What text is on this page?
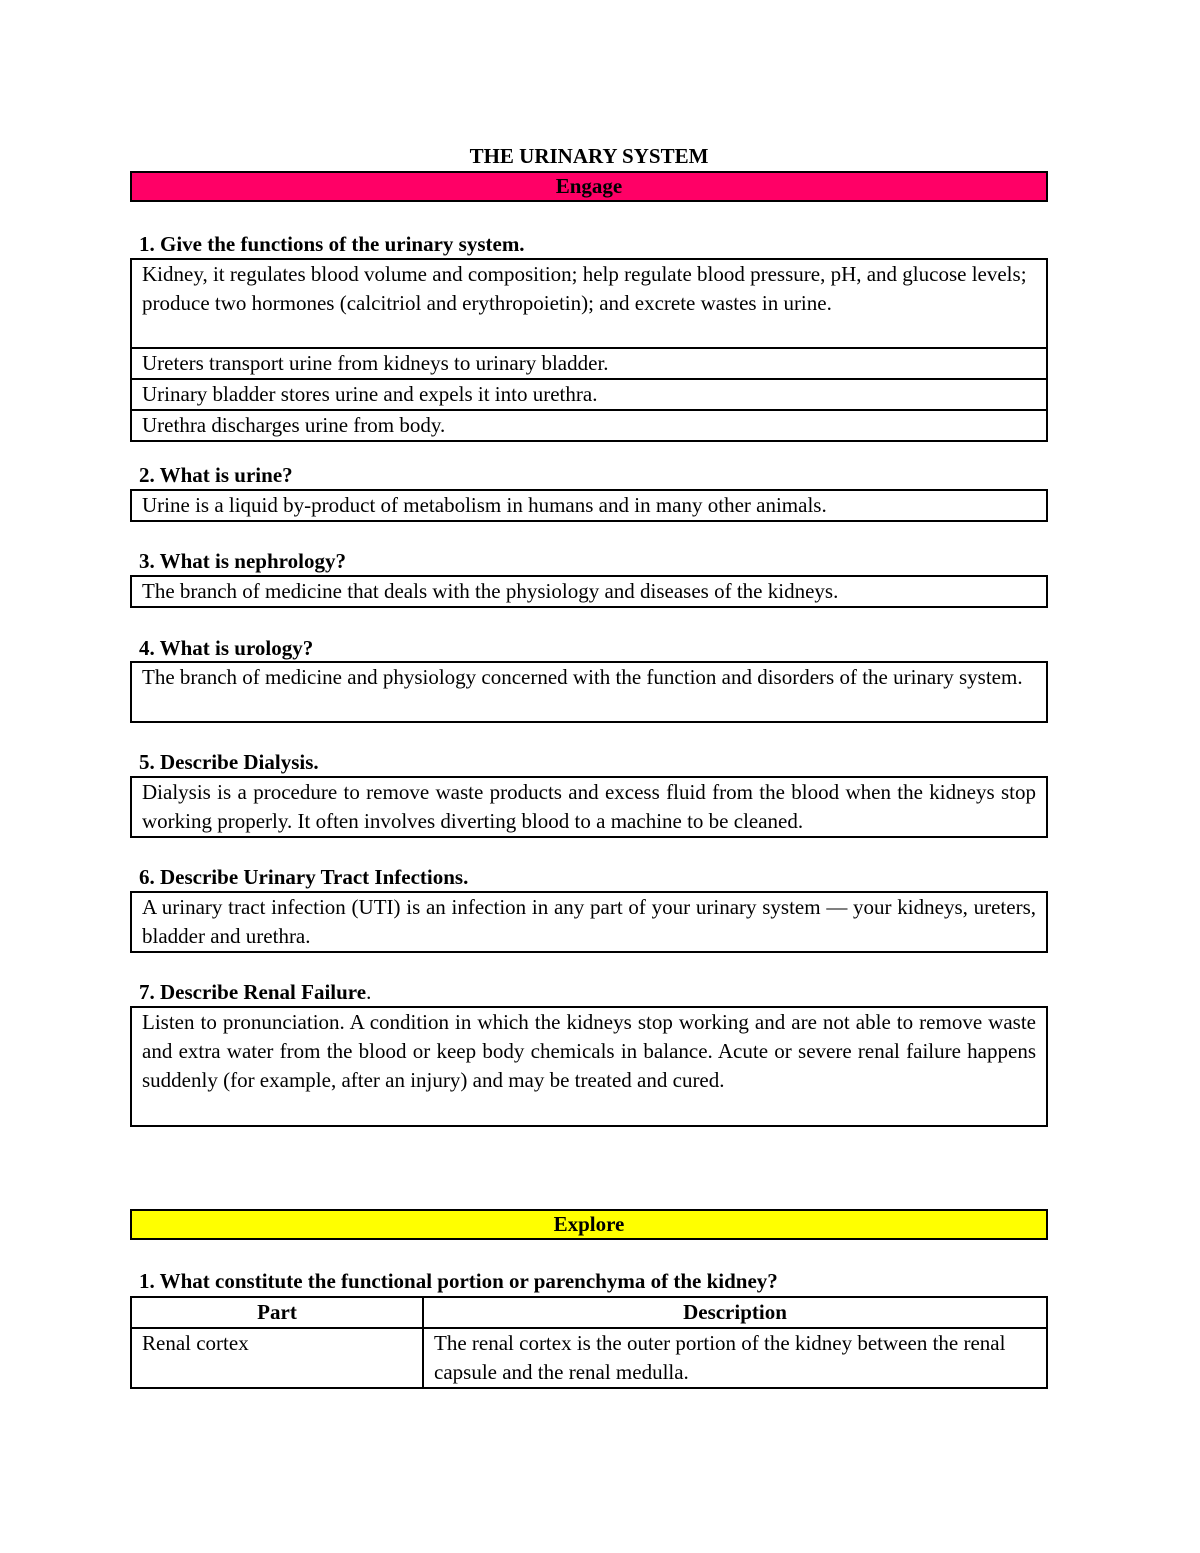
THE URINARY SYSTEM
Engage
1. Give the functions of the urinary system.
Kidney, it regulates blood volume and composition; help regulate blood pressure, pH, and glucose levels; produce two hormones (calcitriol and erythropoietin); and excrete wastes in urine.
Ureters transport urine from kidneys to urinary bladder.
Urinary bladder stores urine and expels it into urethra.
Urethra discharges urine from body.
2. What is urine?
Urine is a liquid by-product of metabolism in humans and in many other animals.
3. What is nephrology?
The branch of medicine that deals with the physiology and diseases of the kidneys.
4. What is urology?
The branch of medicine and physiology concerned with the function and disorders of the urinary system.
5. Describe Dialysis.
Dialysis is a procedure to remove waste products and excess fluid from the blood when the kidneys stop working properly. It often involves diverting blood to a machine to be cleaned.
6. Describe Urinary Tract Infections.
A urinary tract infection (UTI) is an infection in any part of your urinary system — your kidneys, ureters, bladder and urethra.
7. Describe Renal Failure.
Listen to pronunciation. A condition in which the kidneys stop working and are not able to remove waste and extra water from the blood or keep body chemicals in balance. Acute or severe renal failure happens suddenly (for example, after an injury) and may be treated and cured.
Explore
1. What constitute the functional portion or parenchyma of the kidney?
Part	Description
Renal cortex	The renal cortex is the outer portion of the kidney between the renal capsule and the renal medulla.
